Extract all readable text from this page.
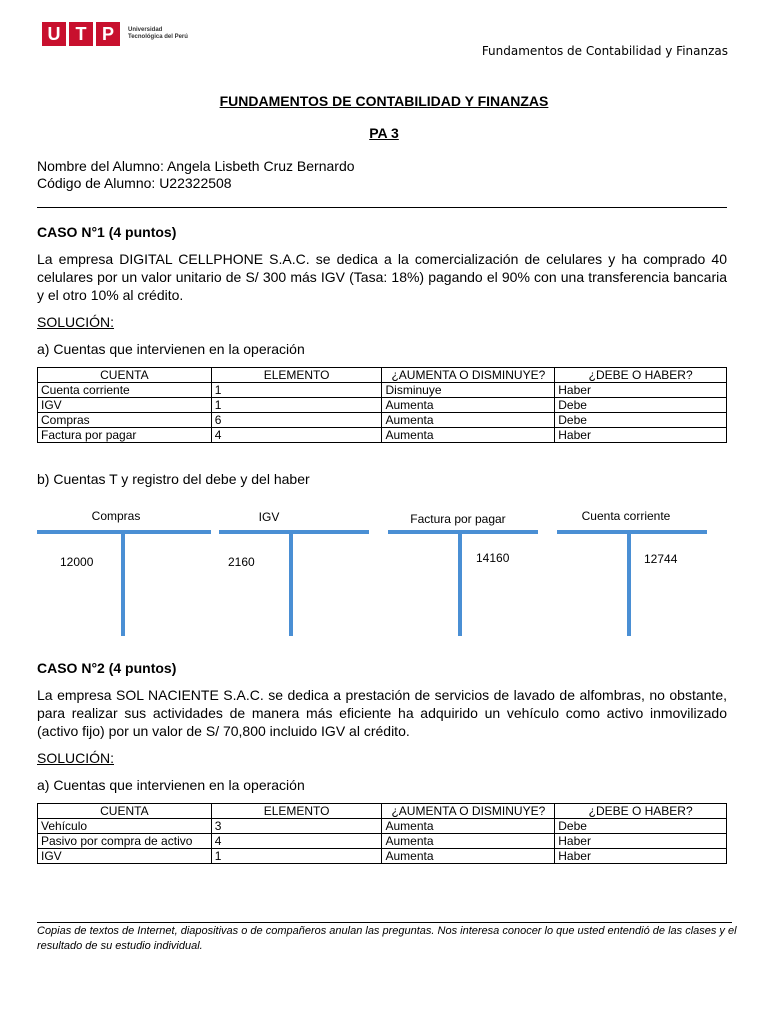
U T P	Universidad Tecnológica del Perú
Fundamentos de Contabilidad y Finanzas
FUNDAMENTOS DE CONTABILIDAD Y FINANZAS
PA 3
Nombre del Alumno: Angela Lisbeth Cruz Bernardo
Código de Alumno: U22322508
CASO N°1 (4 puntos)
La empresa DIGITAL CELLPHONE S.A.C. se dedica a la comercialización de celulares y ha comprado 40 celulares por un valor unitario de S/ 300 más IGV (Tasa: 18%) pagando el 90% con una transferencia bancaria y el otro 10% al crédito.
SOLUCIÓN:
a) Cuentas que intervienen en la operación
CUENTA	ELEMENTO	¿AUMENTA O DISMINUYE?	¿DEBE O HABER?
Cuenta corriente	1	Disminuye	Haber
IGV	1	Aumenta	Debe
Compras	6	Aumenta	Debe
Factura por pagar	4	Aumenta	Haber
b) Cuentas T y registro del debe y del haber
Compras
12000
IGV
2160
Factura por pagar
14160
Cuenta corriente
12744
CASO N°2 (4 puntos)
La empresa SOL NACIENTE S.A.C. se dedica a prestación de servicios de lavado de alfombras, no obstante, para realizar sus actividades de manera más eficiente ha adquirido un vehículo como activo inmovilizado (activo fijo) por un valor de S/ 70,800 incluido IGV al crédito.
SOLUCIÓN:
a) Cuentas que intervienen en la operación
CUENTA	ELEMENTO	¿AUMENTA O DISMINUYE?	¿DEBE O HABER?
Vehículo	3	Aumenta	Debe
Pasivo por compra de activo	4	Aumenta	Haber
IGV	1	Aumenta	Haber
Copias de textos de Internet, diapositivas o de compañeros anulan las preguntas. Nos interesa conocer lo que usted entendió de las clases y el resultado de su estudio individual.
